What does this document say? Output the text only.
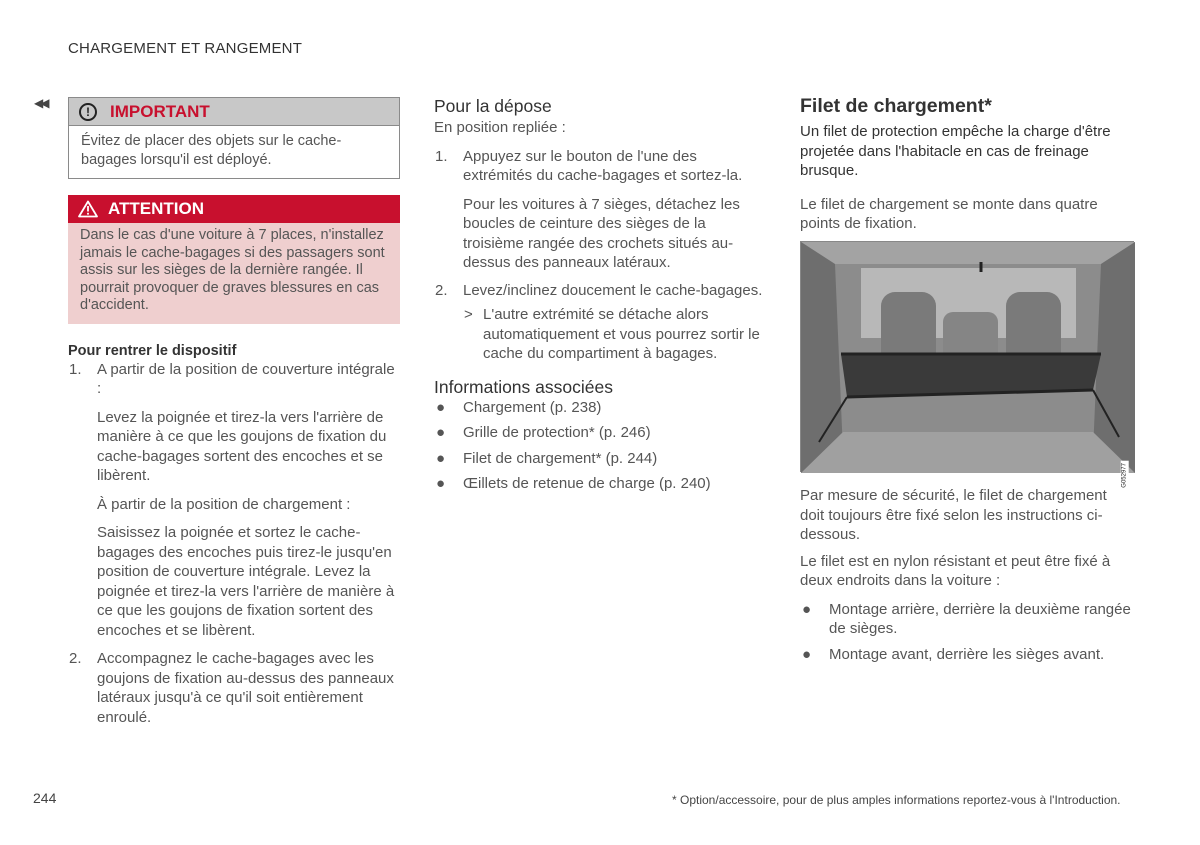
CHARGEMENT ET RANGEMENT
◀◀
!	IMPORTANT
Évitez de placer des objets sur le cache-bagages lorsqu'il est déployé.
ATTENTION
Dans le cas d'une voiture à 7 places, n'installez jamais le cache-bagages si des passagers sont assis sur les sièges de la dernière rangée. Il pourrait provoquer de graves blessures en cas d'accident.
Pour rentrer le dispositif
1. A partir de la position de couverture intégrale :
Levez la poignée et tirez-la vers l'arrière de manière à ce que les goujons de fixation du cache-bagages sortent des encoches et se libèrent.
À partir de la position de chargement :
Saisissez la poignée et sortez le cache-bagages des encoches puis tirez-le jusqu'en position de couverture intégrale. Levez la poignée et tirez-la vers l'arrière de manière à ce que les goujons de fixation sortent des encoches et se libèrent.
2. Accompagnez le cache-bagages avec les goujons de fixation au-dessus des panneaux latéraux jusqu'à ce qu'il soit entièrement enroulé.
Pour la dépose
En position repliée :
1. Appuyez sur le bouton de l'une des extrémités du cache-bagages et sortez-la.
Pour les voitures à 7 sièges, détachez les boucles de ceinture des sièges de la troisième rangée des crochets situés au-dessus des panneaux latéraux.
2. Levez/inclinez doucement le cache-bagages.
> L'autre extrémité se détache alors automatiquement et vous pourrez sortir le cache du compartiment à bagages.
Informations associées
● Chargement (p. 238)
● Grille de protection* (p. 246)
● Filet de chargement* (p. 244)
● Œillets de retenue de charge (p. 240)
Filet de chargement*
Un filet de protection empêche la charge d'être projetée dans l'habitacle en cas de freinage brusque.
Le filet de chargement se monte dans quatre points de fixation.
G052977
Par mesure de sécurité, le filet de chargement doit toujours être fixé selon les instructions ci-dessous.
Le filet est en nylon résistant et peut être fixé à deux endroits dans la voiture :
● Montage arrière, derrière la deuxième rangée de sièges.
● Montage avant, derrière les sièges avant.
244	* Option/accessoire, pour de plus amples informations reportez-vous à l'Introduction.
